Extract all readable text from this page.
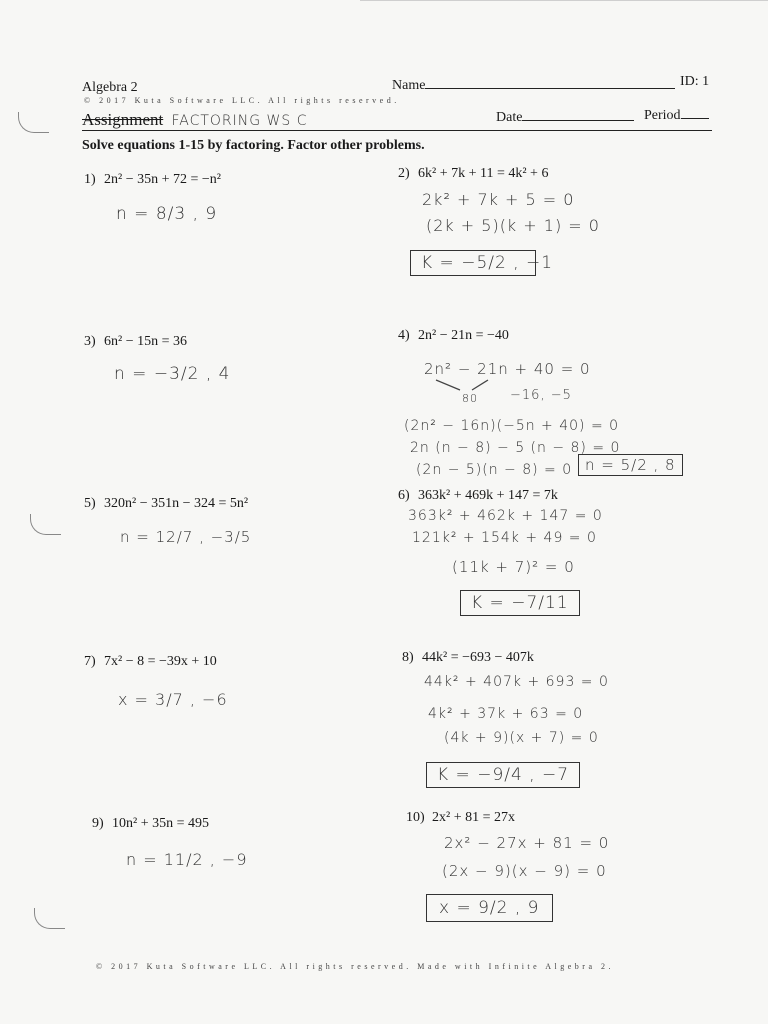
Algebra 2
© 2017 Kuta Software LLC. All rights reserved.
Name	ID: 1
Assignment FACTORING WS C	Date	Period
Solve equations 1-15 by factoring. Factor other problems.
1) 2n² − 35n + 72 = −n²
n = 8/3 , 9
2) 6k² + 7k + 11 = 4k² + 6
2k² + 7k + 5 = 0
(2k + 5)(k + 1) = 0
K = −5/2 , −1
3) 6n² − 15n = 36
n = −3/2 , 4
4) 2n² − 21n = −40
2n² − 21n + 40 = 0
80 −16, −5
(2n² − 16n)(−5n + 40) = 0
2n (n − 8) − 5 (n − 8) = 0
(2n − 5)(n − 8) = 0 n = 5/2 , 8
5) 320n² − 351n − 324 = 5n²
n = 12/7 , −3/5
6) 363k² + 469k + 147 = 7k
363k² + 462k + 147 = 0
121k² + 154k + 49 = 0
(11k + 7)² = 0
K = −7/11
7) 7x² − 8 = −39x + 10
x = 3/7 , −6
8) 44k² = −693 − 407k
44k² + 407k + 693 = 0
4k² + 37k + 63 = 0
(4k + 9)(x + 7) = 0
K = −9/4 , −7
9) 10n² + 35n = 495
n = 11/2 , −9
10) 2x² + 81 = 27x
2x² − 27x + 81 = 0
(2x − 9)(x − 9) = 0
x = 9/2 , 9
© 2017 Kuta Software LLC. All rights reserved. Made with Infinite Algebra 2.
